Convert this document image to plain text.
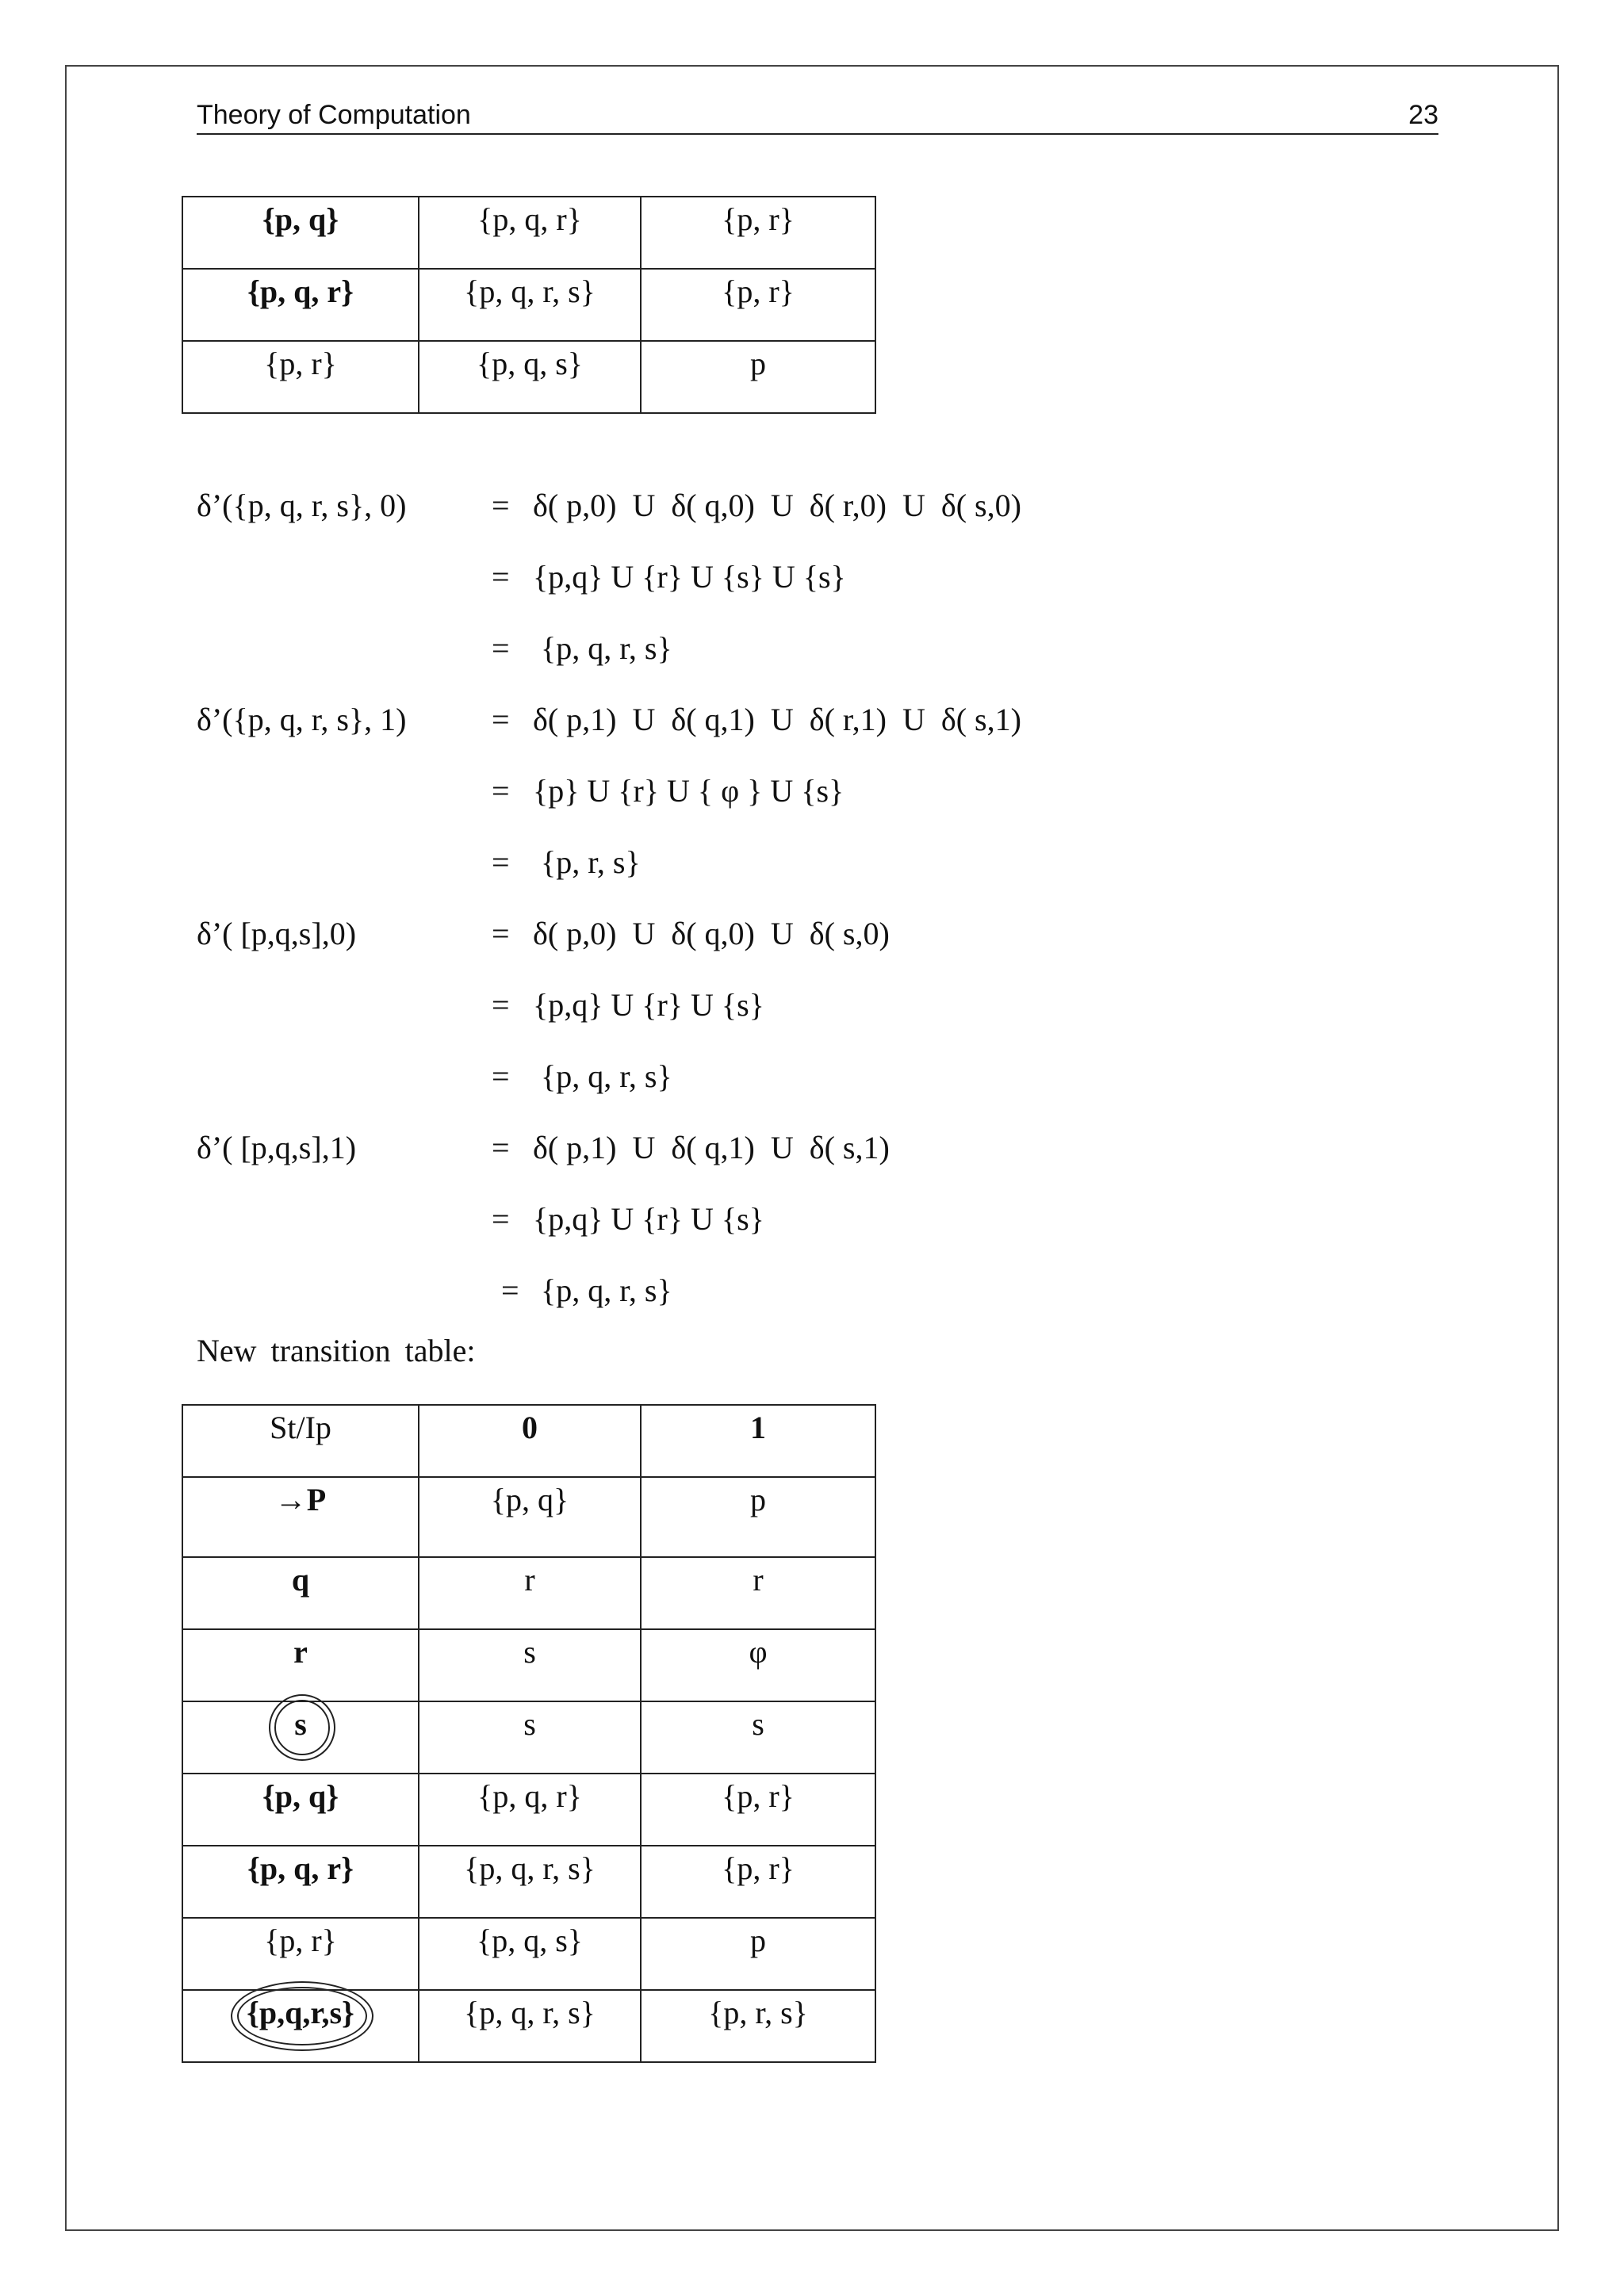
Theory of Computation	23
{p, q}	{p, q, r}	{p, r}
{p, q, r}	{p, q, r, s}	{p, r}
{p, r}	{p, q, s}	p
δ’({p, q, r, s}, 0)	= δ( p,0)  U  δ( q,0)  U  δ( r,0)  U  δ( s,0)
= {p,q} U {r} U {s} U {s}
= {p, q, r, s}
δ’({p, q, r, s}, 1)	= δ( p,1)  U  δ( q,1)  U  δ( r,1)  U  δ( s,1)
= {p} U {r} U { φ } U {s}
= {p, r, s}
δ’( [p,q,s],0)	= δ( p,0)  U  δ( q,0)  U  δ( s,0)
= {p,q} U {r} U {s}
= {p, q, r, s}
δ’( [p,q,s],1)	= δ( p,1)  U  δ( q,1)  U  δ( s,1)
= {p,q} U {r} U {s}
= {p, q, r, s}
New transition table:
St/Ip	0	1
→P	{p, q}	p
q	r	r
r	s	φ
s	s	s
{p, q}	{p, q, r}	{p, r}
{p, q, r}	{p, q, r, s}	{p, r}
{p, r}	{p, q, s}	p
{p,q,r,s}	{p, q, r, s}	{p, r, s}
